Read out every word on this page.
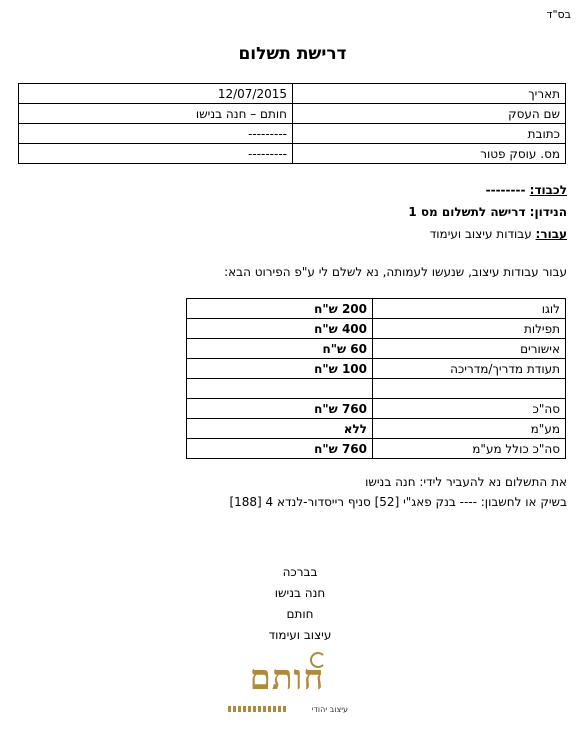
בס"ד
דרישת תשלום
תאריך	12/07/2015
שם העסק	חותם – חנה בנישו
כתובת	---------
מס. עוסק פטור	---------
לכבוד: --------
הנידון: דרישה לתשלום מס 1
עבור: עבודות עיצוב ועימוד
עבור עבודות עיצוב, שנעשו לעמותה, נא לשלם לי ע"פ הפירוט הבא:
לוגו	200 ש"ח
תפילות	400 ש"ח
אישורים	60 ש"ח
תעודת מדריך/מדריכה	100 ש"ח

סה"כ	760 ש"ח
מע"מ	ללא
סה"כ כולל מע"מ	760 ש"ח
את התשלום נא להעביר לידי: חנה בנישו
בשיק או לחשבון: ---- בנק פאג"י [52] סניף רייסדור-לנדא 4 [188]
בברכה
חנה בנישו
חותם
עיצוב ועימוד
חותם
עיצוב יהודי
